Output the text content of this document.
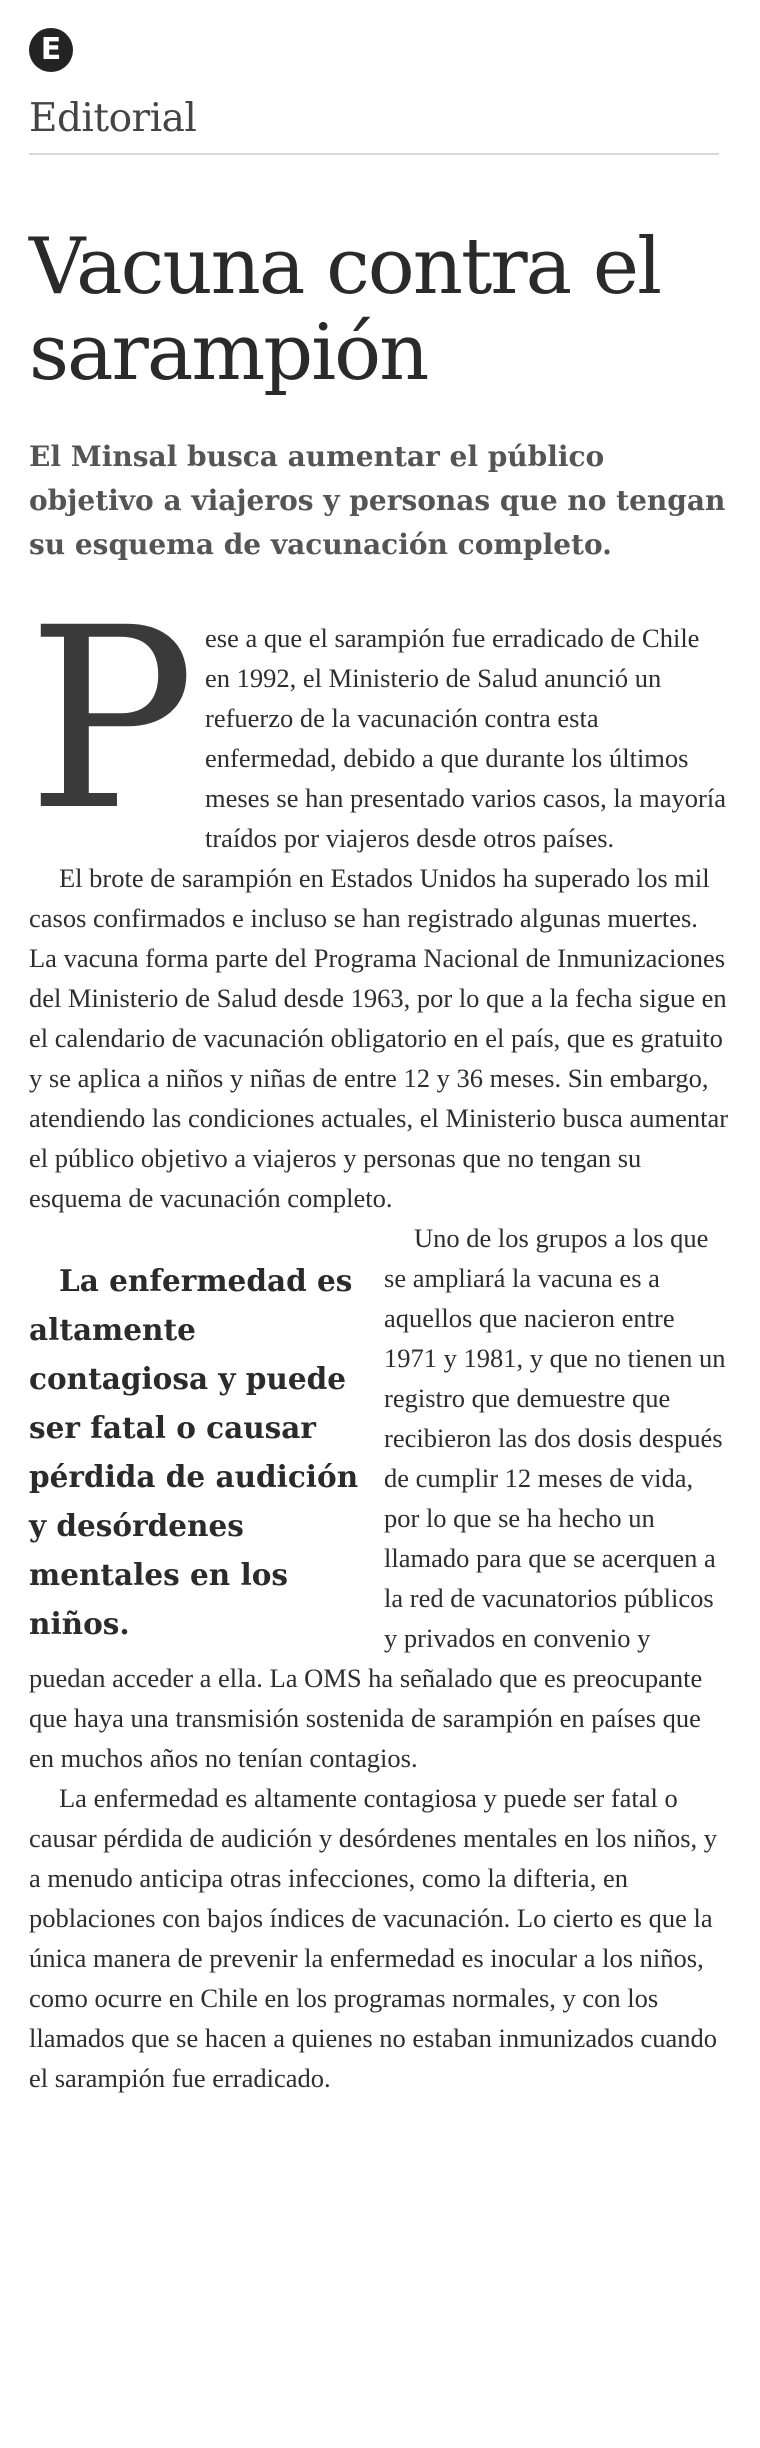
E
Editorial
Vacuna contra el sarampión

El Minsal busca aumentar el público objetivo a viajeros y personas que no tengan su esquema de vacunación completo.

Pese a que el sarampión fue erradicado de Chile en 1992, el Ministerio de Salud anunció un refuerzo de la vacunación contra esta enfermedad, debido a que durante los últimos meses se han presentado varios casos, la mayoría traídos por viajeros desde otros países.

El brote de sarampión en Estados Unidos ha superado los mil casos confirmados e incluso se han registrado algunas muertes. La vacuna forma parte del Programa Nacional de Inmunizaciones del Ministerio de Salud desde 1963, por lo que a la fecha sigue en el calendario de vacunación obligatorio en el país, que es gratuito y se aplica a niños y niñas de entre 12 y 36 meses. Sin embargo, atendiendo las condiciones actuales, el Ministerio busca aumentar el público objetivo a viajeros y personas que no tengan su esquema de vacunación completo.

La enfermedad es altamente contagiosa y puede ser fatal o causar pérdida de audición y desórdenes mentales en los niños.
Uno de los grupos a los que se ampliará la vacuna es a aquellos que nacieron entre 1971 y 1981, y que no tienen un registro que demuestre que recibieron las dos dosis después de cumplir 12 meses de vida, por lo que se ha hecho un llamado para que se acerquen a la red de vacunatorios públicos y privados en convenio y puedan acceder a ella. La OMS ha señalado que es preocupante que haya una transmisión sostenida de sarampión en países que en muchos años no tenían contagios.

La enfermedad es altamente contagiosa y puede ser fatal o causar pérdida de audición y desórdenes mentales en los niños, y a menudo anticipa otras infecciones, como la difteria, en poblaciones con bajos índices de vacunación. Lo cierto es que la única manera de prevenir la enfermedad es inocular a los niños, como ocurre en Chile en los programas normales, y con los llamados que se hacen a quienes no estaban inmunizados cuando el sarampión fue erradicado.
